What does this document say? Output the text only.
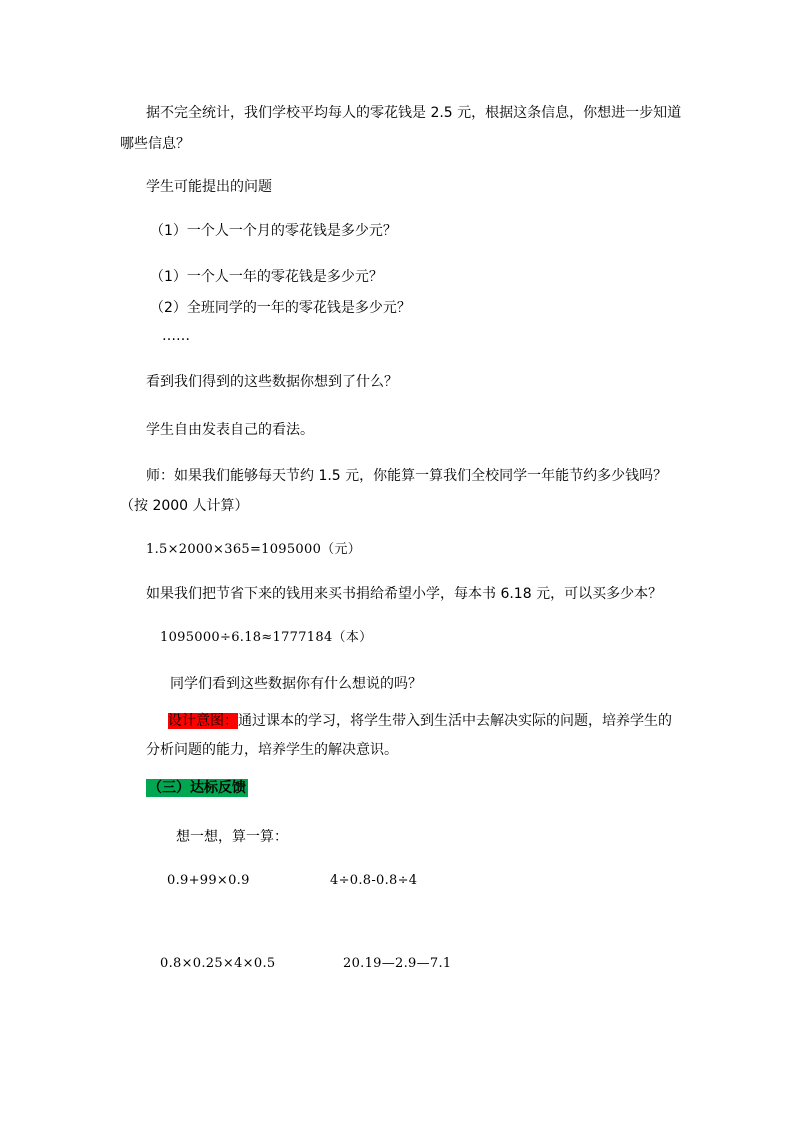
据不完全统计，我们学校平均每人的零花钱是 2.5 元，根据这条信息，你想进一步知道
哪些信息？
学生可能提出的问题
（1）一个人一个月的零花钱是多少元？
（1）一个人一年的零花钱是多少元？
（2）全班同学的一年的零花钱是多少元？
……
看到我们得到的这些数据你想到了什么？
学生自由发表自己的看法。
师：如果我们能够每天节约 1.5 元，你能算一算我们全校同学一年能节约多少钱吗？
（按 2000 人计算）
1.5×2000×365=1095000（元）
如果我们把节省下来的钱用来买书捐给希望小学，每本书 6.18 元，可以买多少本？
1095000÷6.18≈1777184（本）
同学们看到这些数据你有什么想说的吗？
设计意图：通过课本的学习，将学生带入到生活中去解决实际的问题，培养学生的
分析问题的能力，培养学生的解决意识。
（三）达标反馈
想一想，算一算：
0.9+99×0.9	4÷0.8-0.8÷4
0.8×0.25×4×0.5	20.19—2.9—7.1
